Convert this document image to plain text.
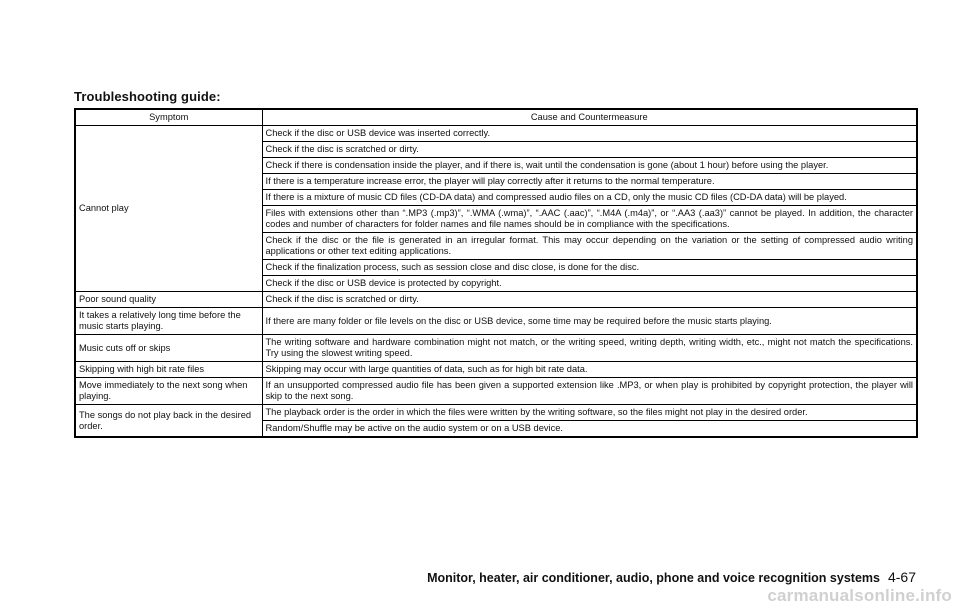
Troubleshooting guide:
Symptom	Cause and Countermeasure
Cannot play	Check if the disc or USB device was inserted correctly.
	Check if the disc is scratched or dirty.
	Check if there is condensation inside the player, and if there is, wait until the condensation is gone (about 1 hour) before using the player.
	If there is a temperature increase error, the player will play correctly after it returns to the normal temperature.
	If there is a mixture of music CD files (CD-DA data) and compressed audio files on a CD, only the music CD files (CD-DA data) will be played.
	Files with extensions other than “.MP3 (.mp3)”, “.WMA (.wma)”, “.AAC (.aac)”, “.M4A (.m4a)”, or “.AA3 (.aa3)” cannot be played. In addition, the character codes and number of characters for folder names and file names should be in compliance with the specifications.
	Check if the disc or the file is generated in an irregular format. This may occur depending on the variation or the setting of compressed audio writing applications or other text editing applications.
	Check if the finalization process, such as session close and disc close, is done for the disc.
	Check if the disc or USB device is protected by copyright.
Poor sound quality	Check if the disc is scratched or dirty.
It takes a relatively long time before the music starts playing.	If there are many folder or file levels on the disc or USB device, some time may be required before the music starts playing.
Music cuts off or skips	The writing software and hardware combination might not match, or the writing speed, writing depth, writing width, etc., might not match the specifications. Try using the slowest writing speed.
Skipping with high bit rate files	Skipping may occur with large quantities of data, such as for high bit rate data.
Move immediately to the next song when playing.	If an unsupported compressed audio file has been given a supported extension like .MP3, or when play is prohibited by copyright protection, the player will skip to the next song.
The songs do not play back in the desired order.	The playback order is the order in which the files were written by the writing software, so the files might not play in the desired order.
	Random/Shuffle may be active on the audio system or on a USB device.
Monitor, heater, air conditioner, audio, phone and voice recognition systems 4-67
carmanualsonline.info
